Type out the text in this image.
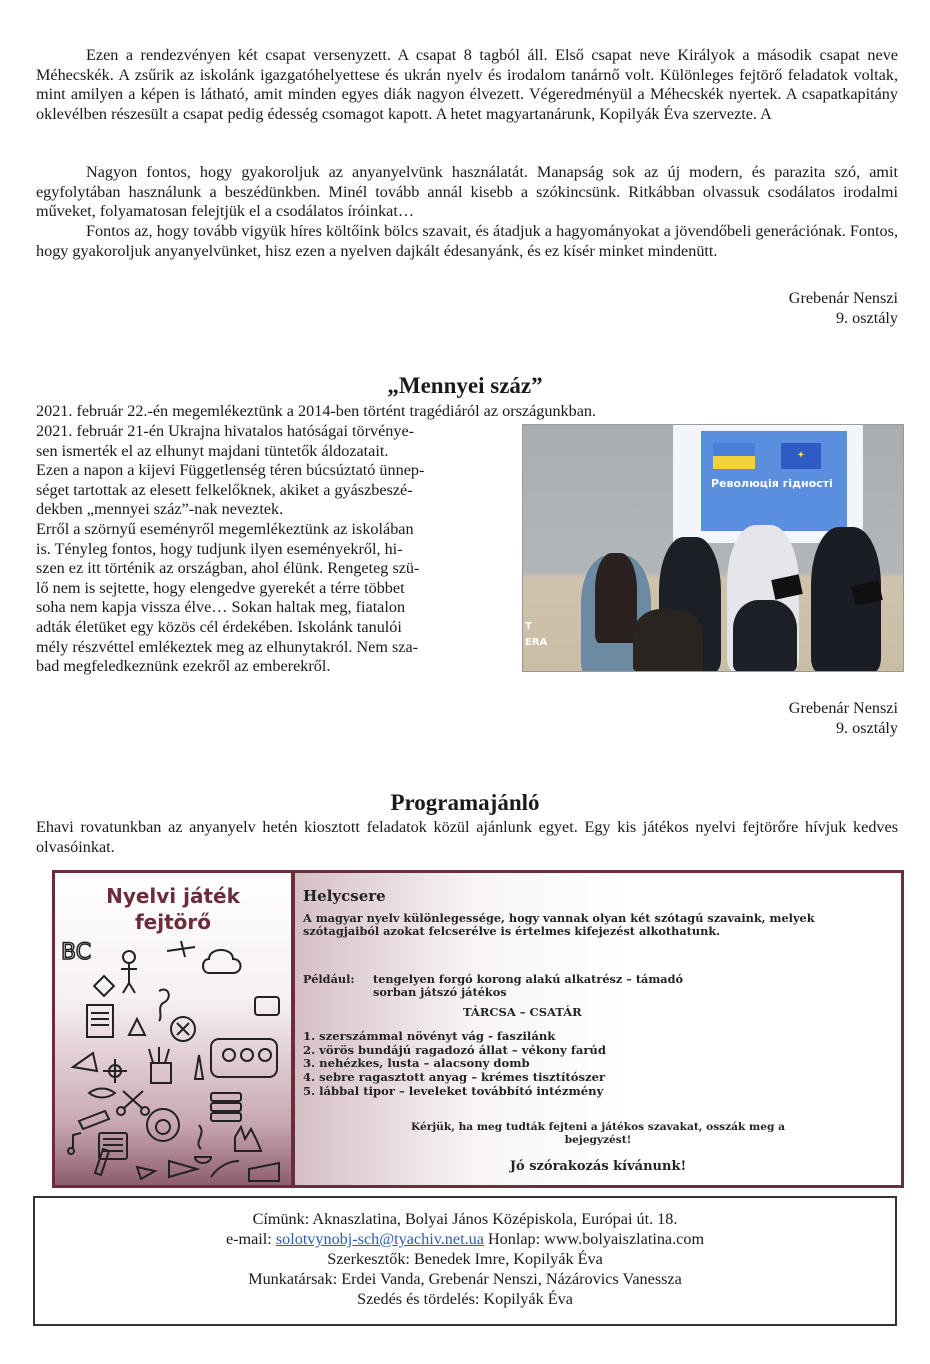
Ezen a rendezvényen két csapat versenyzett. A csapat 8 tagból áll. Első csapat neve Királyok a második csapat neve Méhecskék. A zsűrik az iskolánk igazgatóhelyettese és ukrán nyelv és irodalom tanárnő volt. Különleges fejtörő feladatok voltak, mint amilyen a képen is látható, amit minden egyes diák nagyon élvezett. Végeredményül a Méhecskék nyertek. A csapatkapitány oklevélben részesült a csapat pedig édesség csomagot kapott. A hetet magyartanárunk, Kopilyák Éva szervezte. A
Nagyon fontos, hogy gyakoroljuk az anyanyelvünk használatát. Manapság sok az új modern, és parazita szó, amit egyfolytában használunk a beszédünkben. Minél tovább annál kisebb a szókincsünk. Ritkábban olvassuk csodálatos irodalmi műveket, folyamatosan felejtjük el a csodálatos íróinkat…
Fontos az, hogy tovább vigyük híres költőink bölcs szavait, és átadjuk a hagyományokat a jövendőbeli generációnak. Fontos, hogy gyakoroljuk anyanyelvünket, hisz ezen a nyelven dajkált édesanyánk, és ez kísér minket mindenütt.
Grebenár Nenszi
9. osztály
„Mennyei száz”
2021. február 22.-én megemlékeztünk a 2014-ben történt tragédiáról az országunkban.
2021. február 21-én Ukrajna hivatalos hatóságai törvénye-
sen ismerték el az elhunyt majdani tüntetők áldozatait.
Ezen a napon a kijevi Függetlenség téren búcsúztató ünnep-
séget tartottak az elesett felkelőknek, akiket a gyászbeszé-
dekben „mennyei száz”-nak neveztek.
Erről a szörnyű eseményről megemlékeztünk az iskolában
is. Tényleg fontos, hogy tudjunk ilyen eseményekről, hi-
szen ez itt történik az országban, ahol élünk. Rengeteg szü-
lő nem is sejtette, hogy elengedve gyerekét a térre többet
soha nem kapja vissza élve… Sokan haltak meg, fiatalon
adták életüket egy közös cél érdekében. Iskolánk tanulói
mély részvéttel emlékeztek meg az elhunytakról. Nem sza-
bad megfeledkeznünk ezekről az emberekről.
✦
Революція гідності
T
ERA
Grebenár Nenszi
9. osztály
Programajánló
Ehavi rovatunkban az anyanyelv hetén kiosztott feladatok közül ajánlunk egyet. Egy kis játékos nyelvi fejtörőre hívjuk kedves olvasóinkat.
Nyelvi játék
fejtörő
BC
Helycsere
A magyar nyelv különlegessége, hogy vannak olyan két szótagú szavaink, melyek szótagjaiból azokat felcserélve is értelmes kifejezést alkothatunk.
Például: tengelyen forgó korong alakú alkatrész – támadó
sorban játszó játékos
TÁRCSA – CSATÁR
1. szerszámmal növényt vág - faszilánk
2. vörös bundájú ragadozó állat – vékony farúd
3. nehézkes, lusta – alacsony domb
4. sebre ragasztott anyag – krémes tisztítószer
5. lábbal tipor – leveleket továbbító intézmény
Kérjük, ha meg tudták fejteni a játékos szavakat, osszák meg a
bejegyzést!
Jó szórakozás kívánunk!
Címünk: Aknaszlatina, Bolyai János Középiskola, Európai út. 18.
e-mail: solotvynobj-sch@tyachiv.net.ua Honlap: www.bolyaiszlatina.com
Szerkesztők: Benedek Imre, Kopilyák Éva
Munkatársak: Erdei Vanda, Grebenár Nenszi, Názárovics Vanessza
Szedés és tördelés: Kopilyák Éva
